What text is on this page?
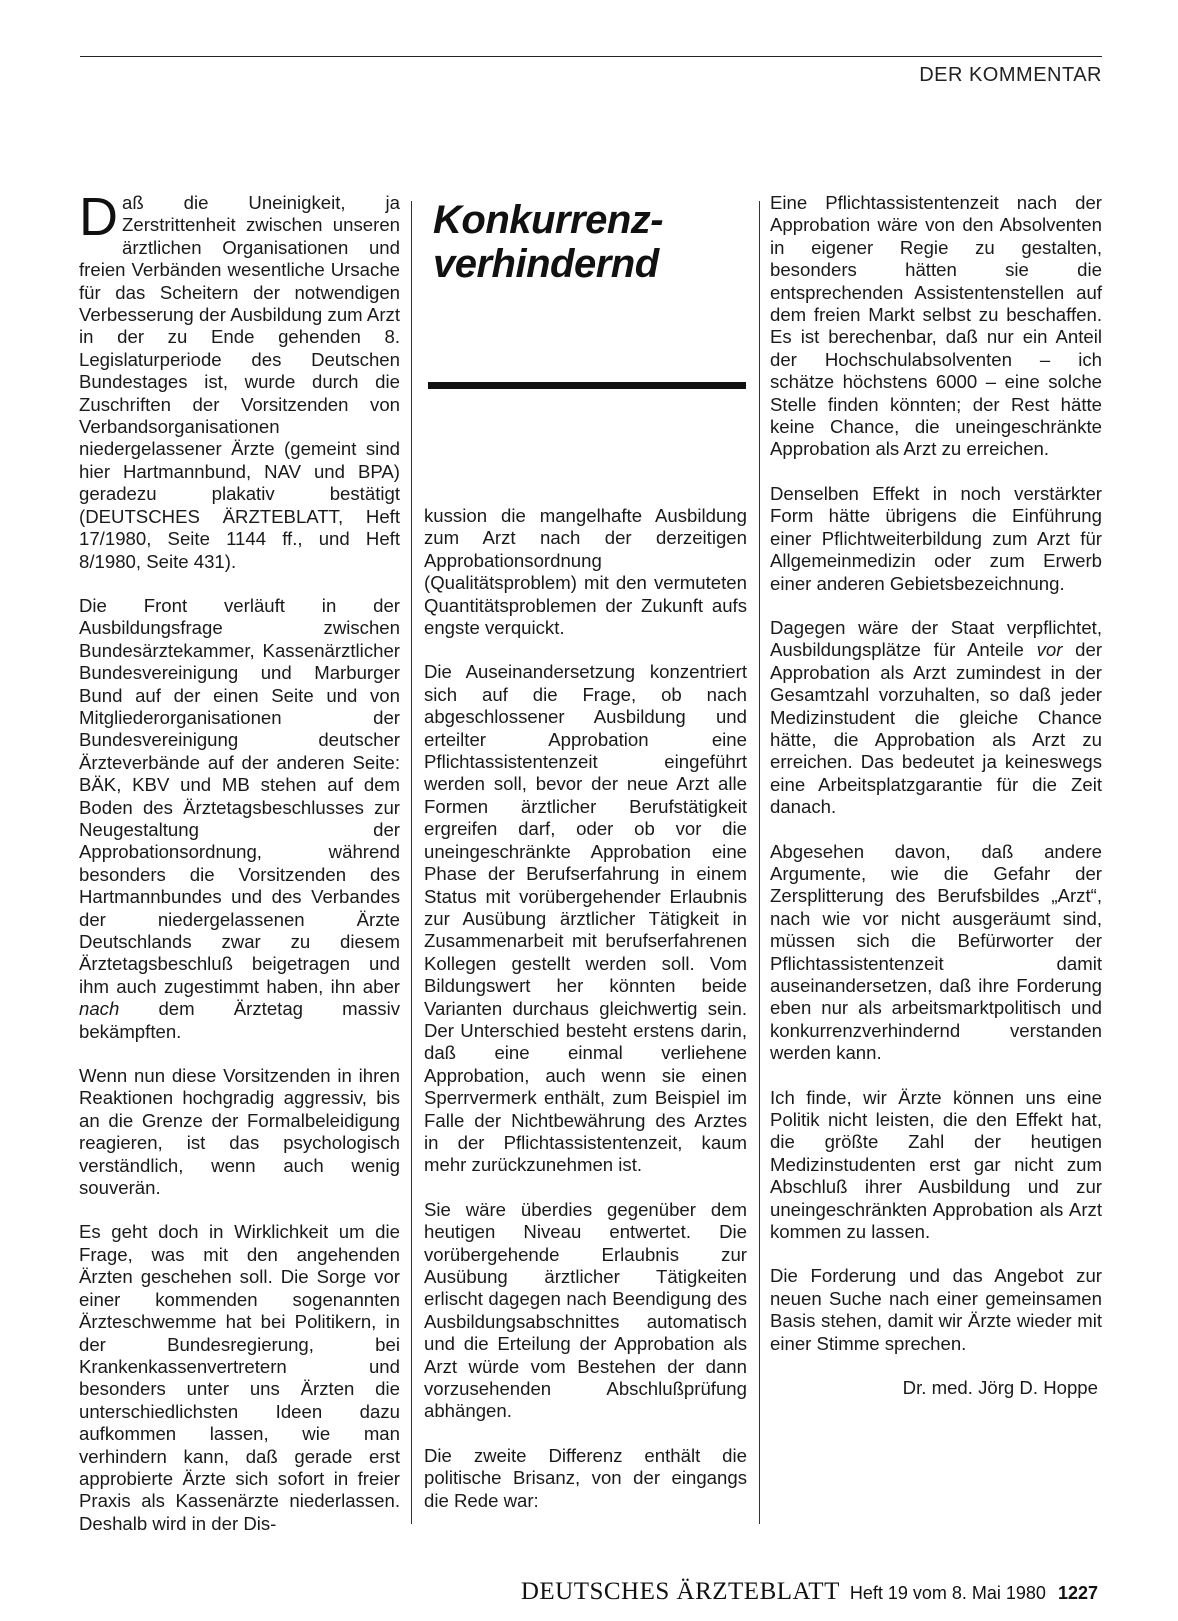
DER KOMMENTAR

Daß die Uneinigkeit, ja Zerstrittenheit zwischen unseren ärztlichen Organisationen und freien Verbänden wesentliche Ursache für das Scheitern der notwendigen Verbesserung der Ausbildung zum Arzt in der zu Ende gehenden 8. Legislaturperiode des Deutschen Bundestages ist, wurde durch die Zuschriften der Vorsitzenden von Verbandsorganisationen niedergelassener Ärzte (gemeint sind hier Hartmannbund, NAV und BPA) geradezu plakativ bestätigt (DEUTSCHES ÄRZTEBLATT, Heft 17/1980, Seite 1144 ff., und Heft 8/1980, Seite 431).

Die Front verläuft in der Ausbildungsfrage zwischen Bundesärztekammer, Kassenärztlicher Bundesvereinigung und Marburger Bund auf der einen Seite und von Mitgliederorganisationen der Bundesvereinigung deutscher Ärzteverbände auf der anderen Seite: BÄK, KBV und MB stehen auf dem Boden des Ärztetagsbeschlusses zur Neugestaltung der Approbationsordnung, während besonders die Vorsitzenden des Hartmannbundes und des Verbandes der niedergelassenen Ärzte Deutschlands zwar zu diesem Ärztetagsbeschluß beigetragen und ihm auch zugestimmt haben, ihn aber nach dem Ärztetag massiv bekämpften.

Wenn nun diese Vorsitzenden in ihren Reaktionen hochgradig aggressiv, bis an die Grenze der Formalbeleidigung reagieren, ist das psychologisch verständlich, wenn auch wenig souverän.

Es geht doch in Wirklichkeit um die Frage, was mit den angehenden Ärzten geschehen soll. Die Sorge vor einer kommenden sogenannten Ärzteschwemme hat bei Politikern, in der Bundesregierung, bei Krankenkassenvertretern und besonders unter uns Ärzten die unterschiedlichsten Ideen dazu aufkommen lassen, wie man verhindern kann, daß gerade erst approbierte Ärzte sich sofort in freier Praxis als Kassenärzte niederlassen. Deshalb wird in der Dis-

Konkurrenz-
verhindernd

kussion die mangelhafte Ausbildung zum Arzt nach der derzeitigen Approbationsordnung (Qualitätsproblem) mit den vermuteten Quantitätsproblemen der Zukunft aufs engste verquickt.

Die Auseinandersetzung konzentriert sich auf die Frage, ob nach abgeschlossener Ausbildung und erteilter Approbation eine Pflichtassistentenzeit eingeführt werden soll, bevor der neue Arzt alle Formen ärztlicher Berufstätigkeit ergreifen darf, oder ob vor die uneingeschränkte Approbation eine Phase der Berufserfahrung in einem Status mit vorübergehender Erlaubnis zur Ausübung ärztlicher Tätigkeit in Zusammenarbeit mit berufserfahrenen Kollegen gestellt werden soll. Vom Bildungswert her könnten beide Varianten durchaus gleichwertig sein. Der Unterschied besteht erstens darin, daß eine einmal verliehene Approbation, auch wenn sie einen Sperrvermerk enthält, zum Beispiel im Falle der Nichtbewährung des Arztes in der Pflichtassistentenzeit, kaum mehr zurückzunehmen ist.

Sie wäre überdies gegenüber dem heutigen Niveau entwertet. Die vorübergehende Erlaubnis zur Ausübung ärztlicher Tätigkeiten erlischt dagegen nach Beendigung des Ausbildungsabschnittes automatisch und die Erteilung der Approbation als Arzt würde vom Bestehen der dann vorzusehenden Abschlußprüfung abhängen.

Die zweite Differenz enthält die politische Brisanz, von der eingangs die Rede war:

Eine Pflichtassistentenzeit nach der Approbation wäre von den Absolventen in eigener Regie zu gestalten, besonders hätten sie die entsprechenden Assistentenstellen auf dem freien Markt selbst zu beschaffen. Es ist berechenbar, daß nur ein Anteil der Hochschulabsolventen – ich schätze höchstens 6000 – eine solche Stelle finden könnten; der Rest hätte keine Chance, die uneingeschränkte Approbation als Arzt zu erreichen.

Denselben Effekt in noch verstärkter Form hätte übrigens die Einführung einer Pflichtweiterbildung zum Arzt für Allgemeinmedizin oder zum Erwerb einer anderen Gebietsbezeichnung.

Dagegen wäre der Staat verpflichtet, Ausbildungsplätze für Anteile vor der Approbation als Arzt zumindest in der Gesamtzahl vorzuhalten, so daß jeder Medizinstudent die gleiche Chance hätte, die Approbation als Arzt zu erreichen. Das bedeutet ja keineswegs eine Arbeitsplatzgarantie für die Zeit danach.

Abgesehen davon, daß andere Argumente, wie die Gefahr der Zersplitterung des Berufsbildes „Arzt“, nach wie vor nicht ausgeräumt sind, müssen sich die Befürworter der Pflichtassistentenzeit damit auseinandersetzen, daß ihre Forderung eben nur als arbeitsmarktpolitisch und konkurrenzverhindernd verstanden werden kann.

Ich finde, wir Ärzte können uns eine Politik nicht leisten, die den Effekt hat, die größte Zahl der heutigen Medizinstudenten erst gar nicht zum Abschluß ihrer Ausbildung und zur uneingeschränkten Approbation als Arzt kommen zu lassen.

Die Forderung und das Angebot zur neuen Suche nach einer gemeinsamen Basis stehen, damit wir Ärzte wieder mit einer Stimme sprechen.

Dr. med. Jörg D. Hoppe

DEUTSCHES ÄRZTEBLATT Heft 19 vom 8. Mai 1980 1227
